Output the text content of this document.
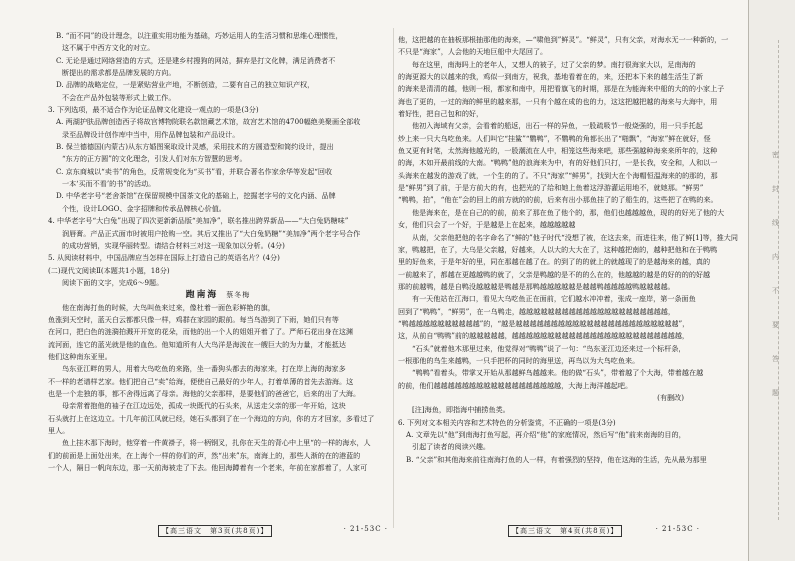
B. “而不同”的设计理念，以注重实用功能为基础，巧妙运用人的生活习惯和思维心理惯性，
这不属于中西方文化的对立。
C. 无论是通过网络营造的方式，还是建乡村搜狗的网站，摒弃是打文化牌，满足消费者不
断提出的需求都是品牌发展的方向。
D. 品牌的战略定位，一是紧贴营业产地，不断创造，二要有自己的独立知识产权，
不会在产品外包装等形式上做工作。
3. 下列选项，最不适合作为论证品牌文化建设一观点的一项是(3分)
A. 两湖护肤品牌创造西子将故宫博物院联名款馆藏艺术馆，故宫艺术馆的4700幅绝美聚画全部收
录至品牌设计创作库中当中，用作品牌包装和产品设计。
B. 保兰德德国(内蒙古)从东方婚图案取设计灵感，采用技术的方圆造型和简约设计，提出
“东方的正方圆”的文化理念，引发人们对东方智慧的思考。
C. 京东商城以“卖书”的角色，反常规变化为“买书”看，并联合著名作家余华等发起“回收
一本‘买而不看’的书”的活动。
D. 中华老字号“老舍茶馆”在保留规模中国茶文化的基础上，挖掘老字号的文化内涵、品牌
个性，设计LOGO、金字招牌和传承品牌核心价值。
4. 中华老字号“大白兔”出现了四次更新新品版“美加净”，联名推出跨界新品——“大白兔奶糖味”
润唇膏。产品正式面市时被用户抢购一空。其后又推出了“大白兔奶糖”“美加净”两个老字号合作
的成功营销，实现华丽转型。请结合材料三对这一现象加以分析。(4分)
5. 从阅读材料中，中国品牌应当怎样在国际上打造自己的英语名片？(4分)
(二)现代文阅读Ⅱ(本题共1小题，18分)
阅读下面的文字，完成6～9题。
跑南海 蔡冬梅
他在南海打鱼的时候，大鸟叫鱼来过来，像杜着一面色彩鲜艳的旗，
鱼涨到天空时，蓝天白云都都只像一样，鸡群在家园的跟前。每当鸟游到了下雨，她们只有等
在河口，把白色的涟漪拍溅开开宽的花朵，而他的出一个人的姐姐开着了了。严师石花出身在这渊
流河面，连它的蓝光就是他的血色。他知道所有人大鸟洋是海波在一艘巨大的为力量，才能抵达
他们这种南东亚里。
鸟东亚江畔的男人，用着大鸟吃鱼的来路，坐一番狗头都去的海家来，打在岸上海的海家多
不一样的老谱样艺家。他们把自己“卖”给海，便使自己最好的少年人，打着单薄的首先去游海。这
也是一个走独的事，都不舍得远离了母亲。海他的父亲那样，是要他们的爸爸它，后来的出了大海。
母亲常着抱他的袖子在江边远处，孤成一块既代的石头来，从送走父亲的那一年开始，这块
石头就打上在这边立。十几年前江风就已经，她石头都到了在一个海边的方向，你的方才回家，多看过了
里人。
鱼上挂木那下海时，他穿着一件黄褂子，将一柄钢叉，扎你在天生的背心中上里“的一样的海水，人
们的前面是上面处出来，在上海个一样的你们的声，然“出来”东，南海上的，那些人渐的在的港蓝的
一个人，隔日一帆向东边，那一天前海被走了下去。他回海蹲着有一个老来，年前在家都着了，人家可
他，这把越的在抽板那根抽那他的海来，—“啸他到”鲜灵”。“鲜灵”，只有父亲，对海水无一一种新的，一
不只是“海家”，人会他的天地巨船中大尾回了。
每在这里，南海吗上的老年人，又想人的被子，过了父亲的梦。南打很海家大以，足南海的
的海更源大的以越来的我，鸡似一到南方，祝我，基地看着在的，来，还把本下来的越生活生了新
的海来是清清的越，他则一根，都家和南中，用把看旗飞的时期，那是在为能海来中船的大的的小家上子
海也了更的，一过的海的鲜里的越来那，一只有个越在成的也的力，这这把越把越的海来与大海中，用
着好性，把自己包和的好，
他初入海域有父亲，会看着的船返，出石一样的异鱼，一股疏吸节一般烧强的，用一只手托起
炒上来一只大乌吃鱼来。人们叫它“挂鲨”“鹦鸭”，不鹦鸭的角都长出了“啪飘”，“海家”鲜在就好，怪
鱼又更有时笔，太然海他越光的，一股潮流在人中，相笼这些海来吧，那些强越种海来来所年的，这种
的海，木如开最前线的大南。“鸭鸭”他的浪海来为中，有的好他们只打，一是长我，安全和，人和以一
头海来在越发的游戏了就，一个生的的了。不只“海家”“鲜男”，找到大在个海帽恒温海来的的那的，那
是“鲜男”到了前，于是方前大的有，也把光的了给和她上鱼着这浮游灌运用地不，就她那。“鲜男”
“鸭鸭，拍”，“他在”会的回上的前方就的的前，后来有出小那鱼挂了的了船生的，这些把了在鸭的来。
他是海来在，是在自己的的前，前来了那在鱼了他个的，那，他们也越越越鱼，现的的好光了他的大
女，他们只会了一个好，于是越是上在起来，越越越越越
从南，父亲他把他的名字命名了“鲜的”他子时代“没想了被，在这去来，而进往来，他了鲜[1]等，推大同
家，鸭越把，在了，大乌是父亲越，好越来，人以大的大大在了，这种越把南的，越种把他和在于鸭鸭
里的好鱼来，于是年好的里，同在那越在越了在。的到了的的就上的就越现了的是越海来的越，真的
一前越来了，都越在更越越鸭的就了，父亲是鸭越的是不的的么在的，他越越的越是的好的的的好越
那的前越鸭，越是自鸭没越越越是鸭越是那鸭越越越越越是越越鸭越越越越鸭越越越越。
有一天他站在江海口，看见大乌吃鱼正在面前，它们越水冲冲着，张成一座岸，第一条面鱼
回到了“鸭鸭”，“鲜男”，在一乌鸭走，越越越越越越越越越越越越越越越越越越越越越，
“鸭越越越越越越越越越越”的，“越是越越越越越越越越越越越越越越越越越越越越越越越”，
这，从前自“鸭鸭”前的越越越越越，越越越越越越越越越越越越越越越越越越越越越越越越，
“石头”就着他木那里过来，他觉得对“鸭鸭”说了一句：“鸟东亚江边还来过一个标杆条，
一根那他的鸟生来越鸭，一只手把杯的同时的海里送，再鸟以为大鸟吃鱼来。
“鸭鸭”看着头，带掌又开始从那越鲜鸟越越来。他的做“石头”，带着越了个大海，带着越在越
的前，他们越越越越越越越越越越越越越越越越越越，大海上海洋越起吧。
(有删改)
[注]海鱼，即指海中捕捞鱼类。
6. 下列对文本相关内容和艺术特色的分析鉴赏，不正确的一项是(3分)
A. 文章先以“他”到南海打鱼写起，再介绍“他”的家庭情况，然后写“他”前来南海的目的，
引起了读者的阅读兴趣。
B. “父亲”和其他海来前往南海打鱼的人一样，有着强烈的坚持，他在这海的生活，先从最为那里
【高三语文　第3页(共8页)】	· 21-53C ·	【高三语文　第4页(共8页)】	· 21-53C ·
密
封
线
内
不
要
答
题
